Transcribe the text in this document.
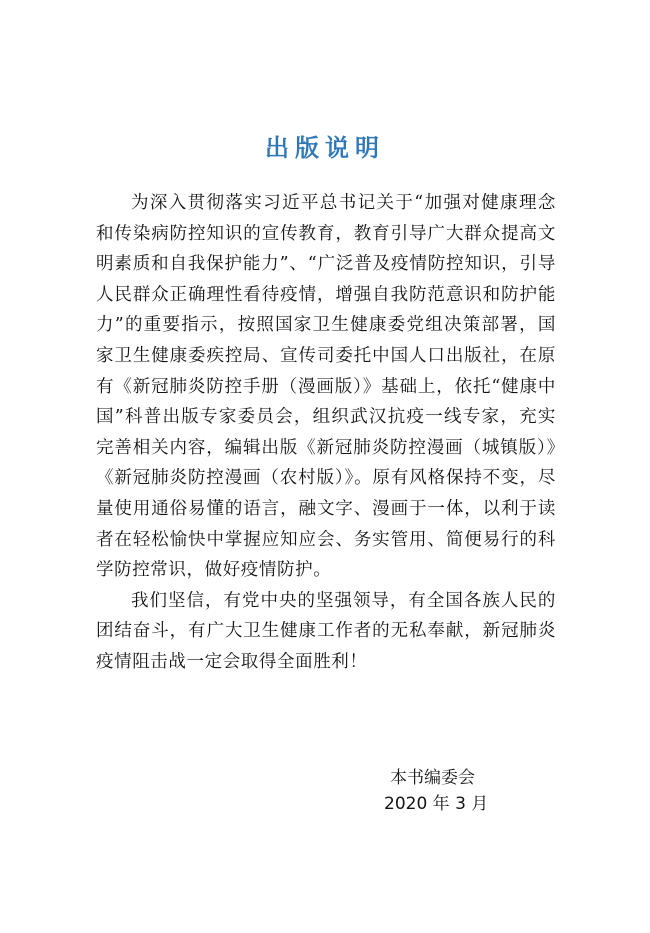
出版说明

为深入贯彻落实习近平总书记关于“加强对健康理念和传染病防控知识的宣传教育，教育引导广大群众提高文明素质和自我保护能力”、“广泛普及疫情防控知识，引导人民群众正确理性看待疫情，增强自我防范意识和防护能力”的重要指示，按照国家卫生健康委党组决策部署，国家卫生健康委疾控局、宣传司委托中国人口出版社，在原有《新冠肺炎防控手册（漫画版）》基础上，依托“健康中国”科普出版专家委员会，组织武汉抗疫一线专家，充实完善相关内容，编辑出版《新冠肺炎防控漫画（城镇版）》《新冠肺炎防控漫画（农村版）》。原有风格保持不变，尽量使用通俗易懂的语言，融文字、漫画于一体，以利于读者在轻松愉快中掌握应知应会、务实管用、简便易行的科学防控常识，做好疫情防护。

我们坚信，有党中央的坚强领导，有全国各族人民的团结奋斗，有广大卫生健康工作者的无私奉献，新冠肺炎疫情阻击战一定会取得全面胜利！

本书编委会
2020 年 3 月
